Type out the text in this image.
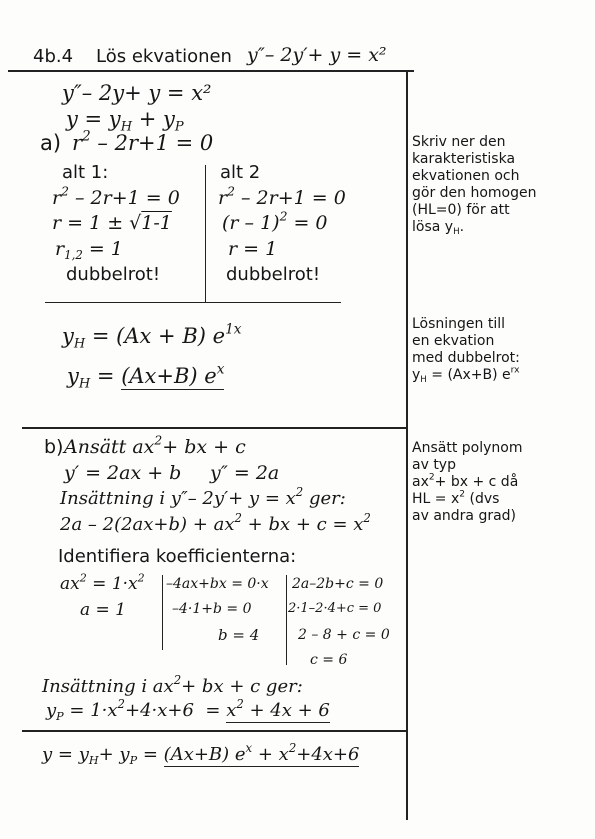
4b.4 Lös ekvationen y″– 2y′+ y = x²
y″– 2y+ y = x²
$y = y_H + y_P$
a) $r^2 - 2r+1 = 0$
alt 1:
$r^2 - 2r+1 = 0$
r = 1 ± √1-1
$r_{1,2} = 1$
dubbelrot!
alt 2
$r^2 - 2r+1 = 0$
(r – 1)$^2$ = 0
r = 1
dubbelrot!
$y_H = (Ax + B)$ $e^{1x}$
$y_H = (Ax+B)$ $e^x$
b) Ansätt $ax^2+$ bx + c
y′ = 2ax + b y″ = 2a
Insättning i y″– $2y'+ y = x^2$ ger:
$2a - 2(2ax+b) + ax^2$ + bx + $c = x^2$
Identifiera koefficienterna:
$ax^2 = 1\cdot x^2$
a = 1
–4ax+bx = 0·x
–4·1+b = 0
b = 4
2a–2b+c = 0
2·1–2·4+c = 0
2 – 8 + c = 0
c = 6
Insättning i $ax^2+$ bx + c ger:
$y_P = 1\cdot x^2+4\cdot x+6 = x^2 + 4x + 6$
$y = y_H+ y_P = (Ax+B) e^x + x^2+4x+6$
Skriv ner den
karakteristiska
ekvationen och
gör den homogen
(HL=0) för att
lösa $y_H$.
Lösningen till
en ekvation
med dubbelrot:
$y_H = (Ax+B)$ $e^{rx}$
Ansätt polynom
av typ
$ax^2+$ bx + c då
HL = $x^2$ (dvs
av andra grad)
